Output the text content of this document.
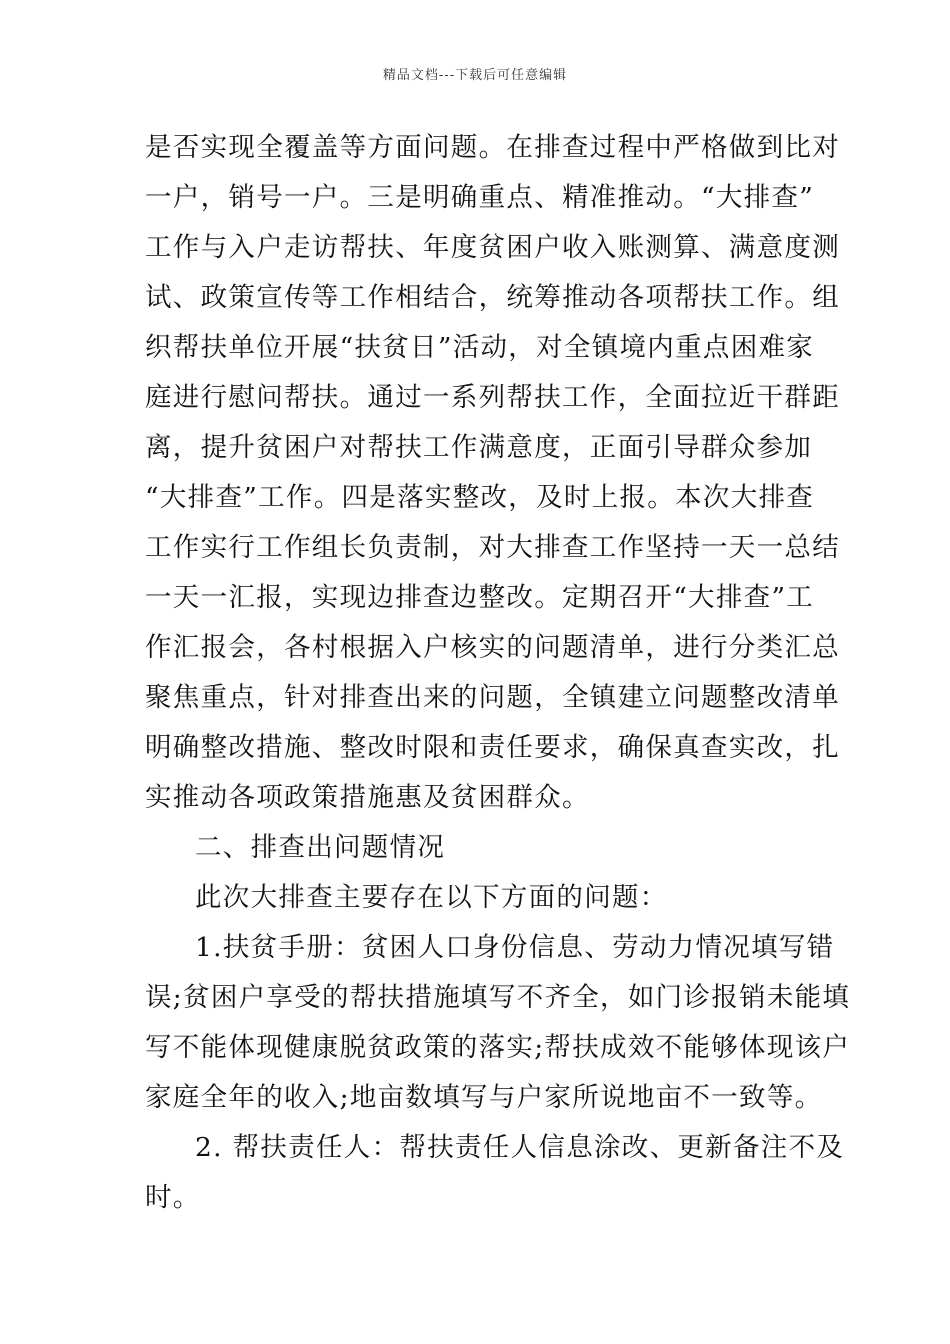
精品文档---下载后可任意编辑
是否实现全覆盖等方面问题。在排查过程中严格做到比对
一户，销号一户。三是明确重点、精准推动。“大排查”
工作与入户走访帮扶、年度贫困户收入账测算、满意度测
试、政策宣传等工作相结合，统筹推动各项帮扶工作。组
织帮扶单位开展“扶贫日”活动，对全镇境内重点困难家
庭进行慰问帮扶。通过一系列帮扶工作，全面拉近干群距
离，提升贫困户对帮扶工作满意度，正面引导群众参加
“大排查”工作。四是落实整改，及时上报。本次大排查
工作实行工作组长负责制，对大排查工作坚持一天一总结
一天一汇报，实现边排查边整改。定期召开“大排查”工
作汇报会，各村根据入户核实的问题清单，进行分类汇总
聚焦重点，针对排查出来的问题，全镇建立问题整改清单
明确整改措施、整改时限和责任要求，确保真查实改，扎
实推动各项政策措施惠及贫困群众。
二、排查出问题情况
此次大排查主要存在以下方面的问题：
1.扶贫手册：贫困人口身份信息、劳动力情况填写错
误;贫困户享受的帮扶措施填写不齐全，如门诊报销未能填
写不能体现健康脱贫政策的落实;帮扶成效不能够体现该户
家庭全年的收入;地亩数填写与户家所说地亩不一致等。
2. 帮扶责任人：帮扶责任人信息涂改、更新备注不及
时。
